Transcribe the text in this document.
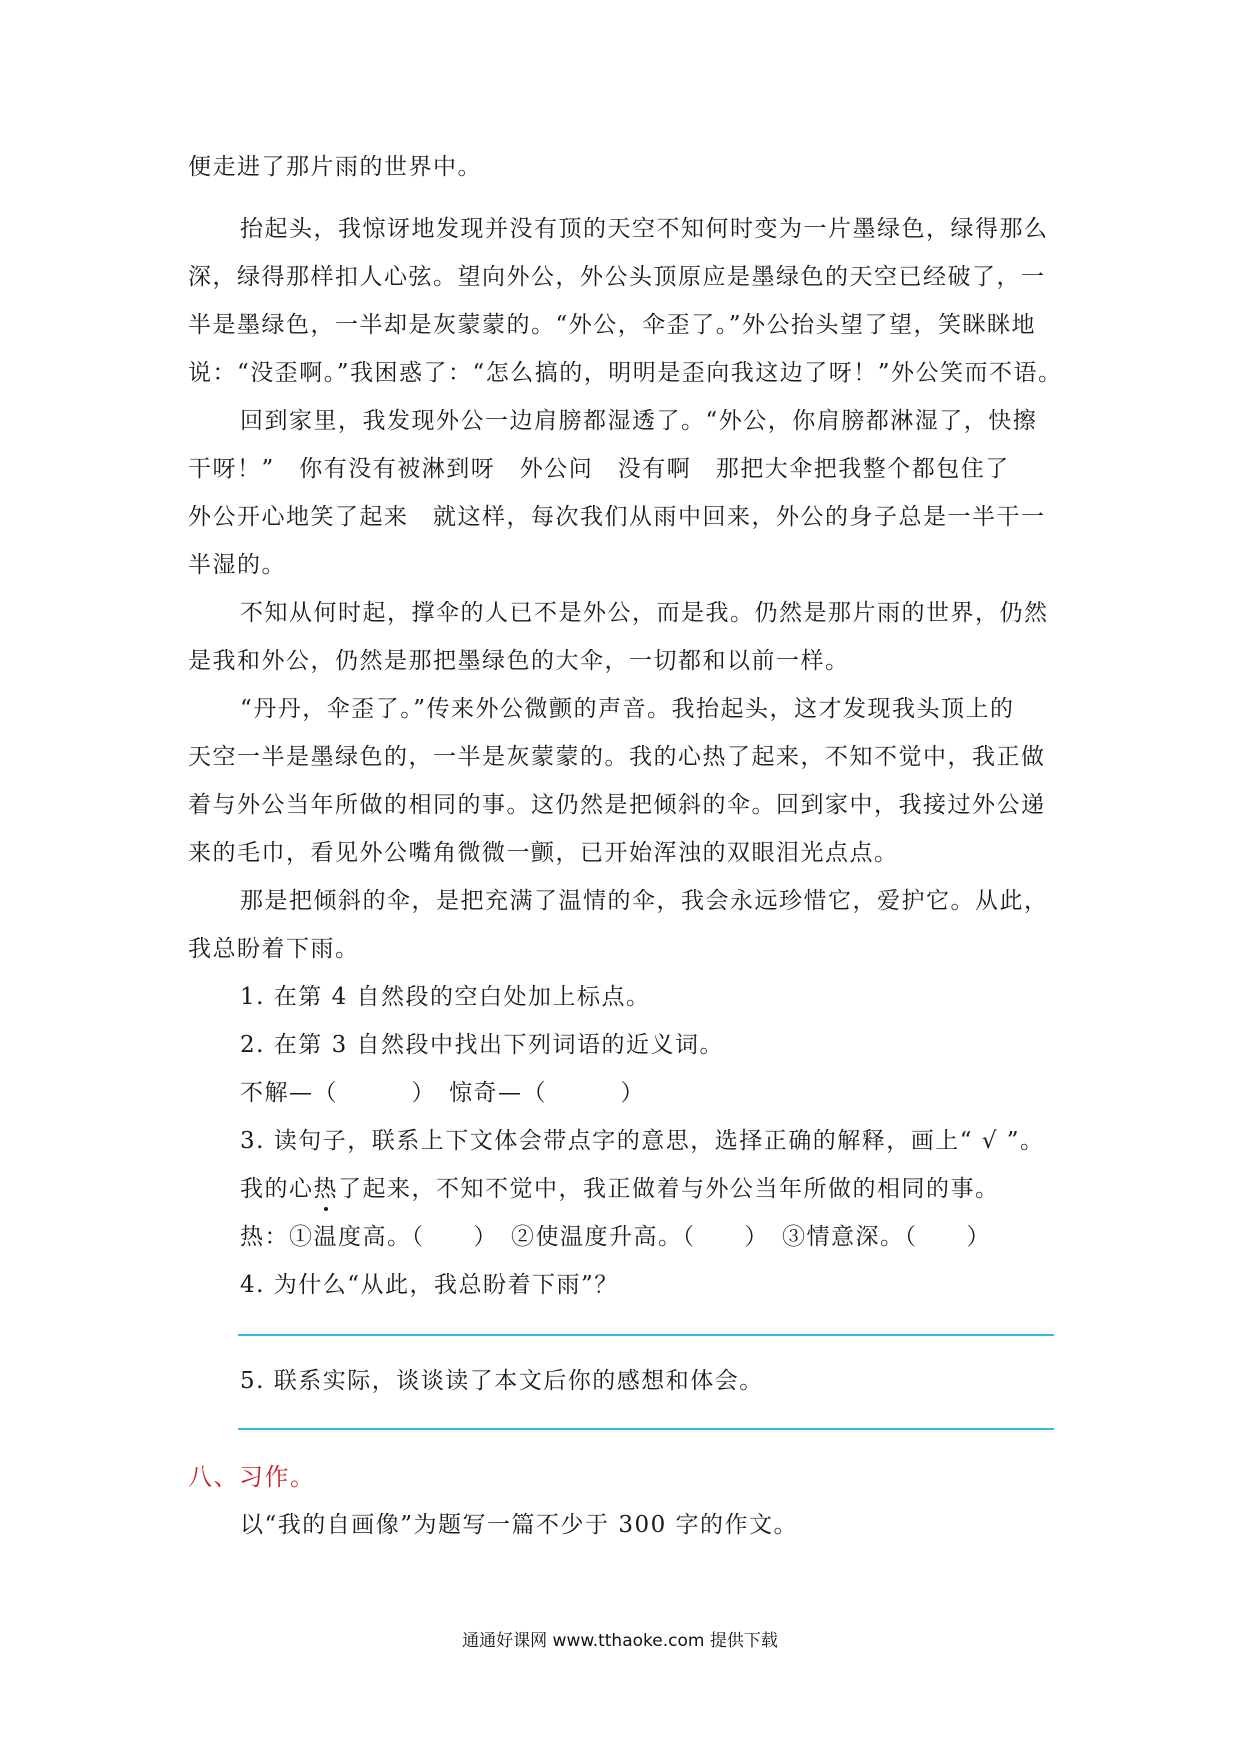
便走进了那片雨的世界中。
抬起头，我惊讶地发现并没有顶的天空不知何时变为一片墨绿色，绿得那么
深，绿得那样扣人心弦。望向外公，外公头顶原应是墨绿色的天空已经破了，一
半是墨绿色，一半却是灰蒙蒙的。“外公，伞歪了。”外公抬头望了望，笑眯眯地
说：“没歪啊。”我困惑了：“怎么搞的，明明是歪向我这边了呀！”外公笑而不语。
回到家里，我发现外公一边肩膀都湿透了。“外公，你肩膀都淋湿了，快擦
干呀！”　你有没有被淋到呀　外公问　没有啊　那把大伞把我整个都包住了
外公开心地笑了起来　就这样，每次我们从雨中回来，外公的身子总是一半干一
半湿的。
不知从何时起，撑伞的人已不是外公，而是我。仍然是那片雨的世界，仍然
是我和外公，仍然是那把墨绿色的大伞，一切都和以前一样。
“丹丹，伞歪了。”传来外公微颤的声音。我抬起头，这才发现我头顶上的
天空一半是墨绿色的，一半是灰蒙蒙的。我的心热了起来，不知不觉中，我正做
着与外公当年所做的相同的事。这仍然是把倾斜的伞。回到家中，我接过外公递
来的毛巾，看见外公嘴角微微一颤，已开始浑浊的双眼泪光点点。
那是把倾斜的伞，是把充满了温情的伞，我会永远珍惜它，爱护它。从此，
我总盼着下雨。
1. 在第 4 自然段的空白处加上标点。
2. 在第 3 自然段中找出下列词语的近义词。
不解—（　　　）　惊奇—（　　　）
3. 读句子，联系上下文体会带点字的意思，选择正确的解释，画上“ √ ”。
我的心热了起来，不知不觉中，我正做着与外公当年所做的相同的事。
热：①温度高。（　　）　②使温度升高。（　　）　③情意深。（　　）
4. 为什么“从此，我总盼着下雨”？
5. 联系实际，谈谈读了本文后你的感想和体会。
八、习作。
以“我的自画像”为题写一篇不少于 300 字的作文。
通通好课网 www.tthaoke.com 提供下载
